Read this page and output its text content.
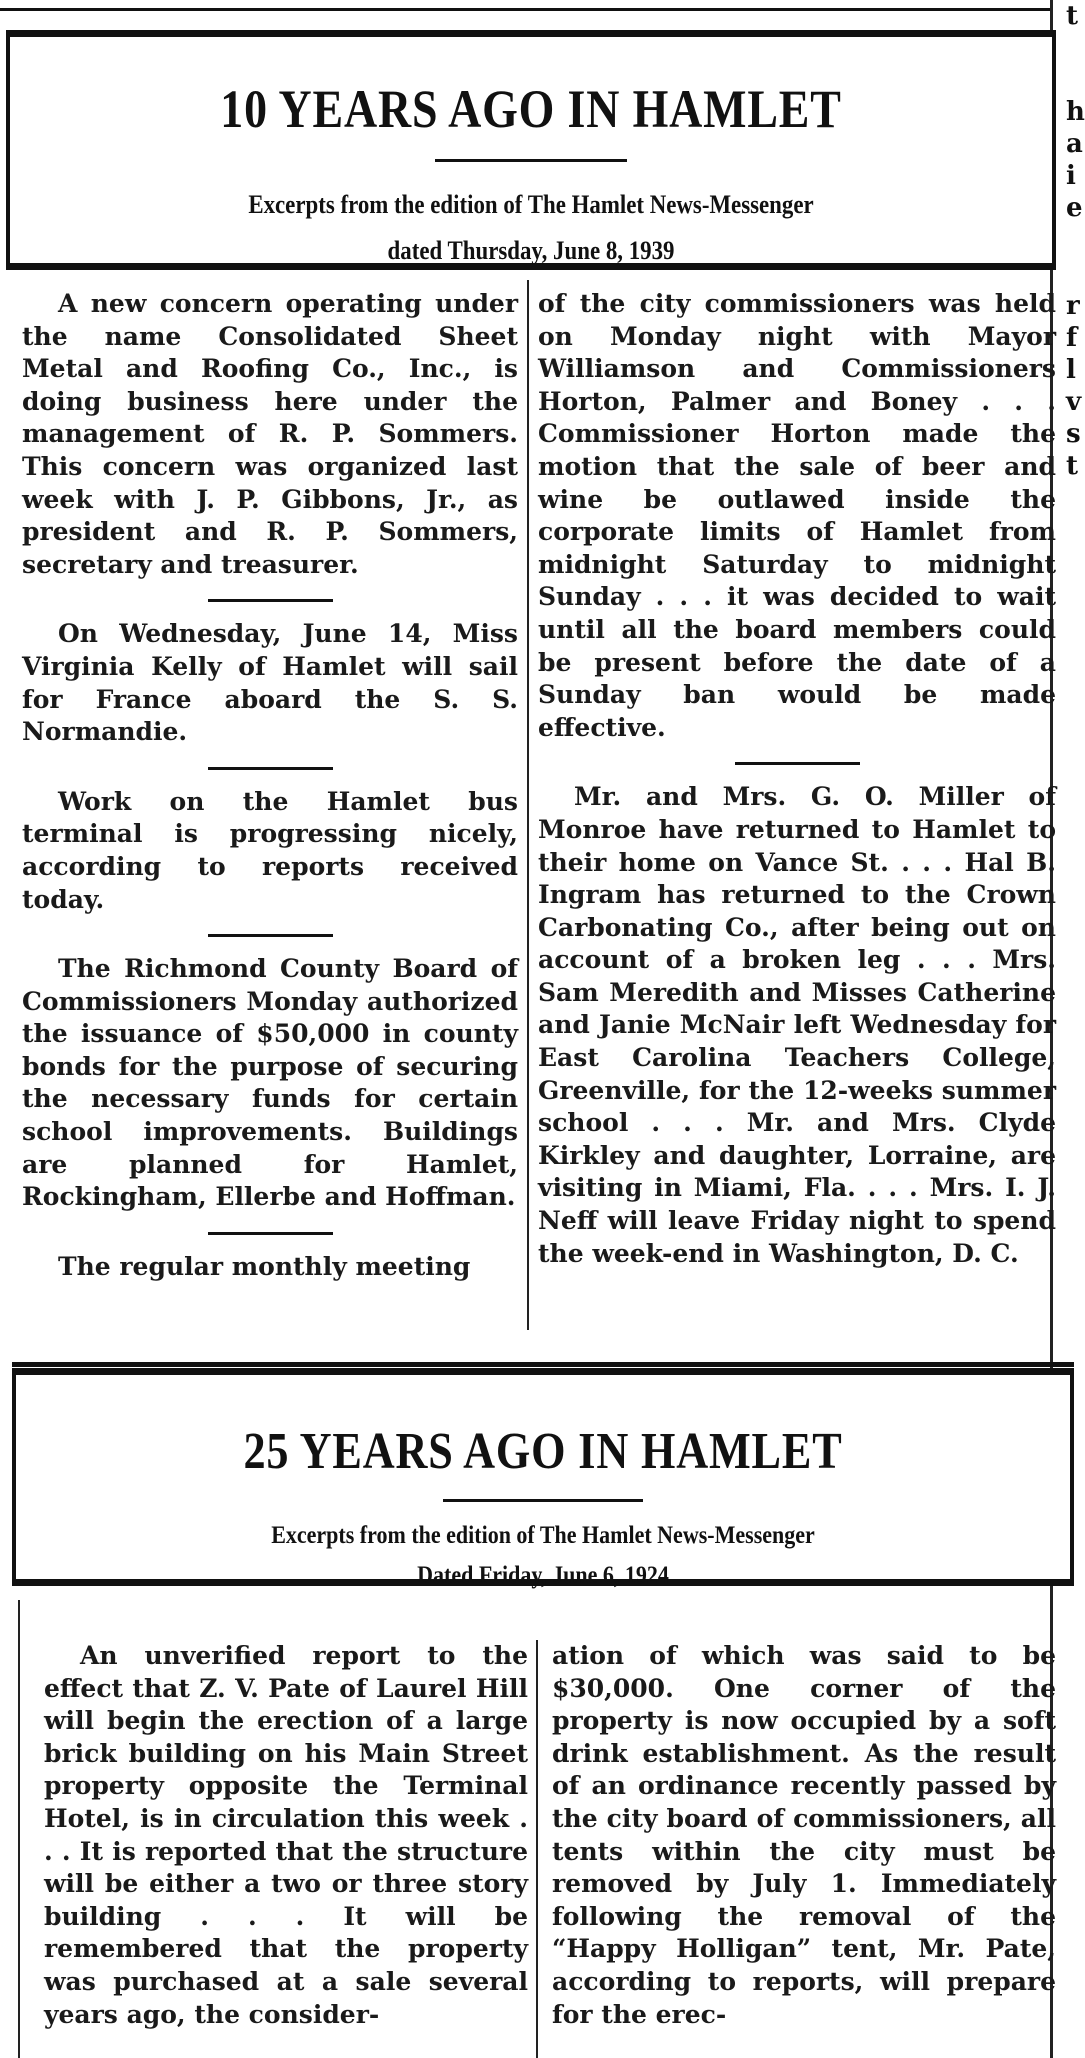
t
h
a
i
e
r
f
l
v
s
t
10 YEARS AGO IN HAMLET
Excerpts from the edition of The Hamlet News-Messenger
dated Thursday, June 8, 1939

A new concern operating under the name Consolidated Sheet Metal and Roofing Co., Inc., is doing business here under the management of R. P. Sommers. This concern was organized last week with J. P. Gibbons, Jr., as president and R. P. Sommers, secretary and treasurer.

On Wednesday, June 14, Miss Virginia Kelly of Hamlet will sail for France aboard the S. S. Normandie.

Work on the Hamlet bus terminal is progressing nicely, according to reports received today.

The Richmond County Board of Commissioners Monday authorized the issuance of $50,000 in county bonds for the purpose of securing the necessary funds for certain school improvements. Buildings are planned for Hamlet, Rockingham, Ellerbe and Hoffman.

The regular monthly meeting

of the city commissioners was held on Monday night with Mayor Williamson and Commissioners Horton, Palmer and Boney . . . Commissioner Horton made the motion that the sale of beer and wine be outlawed inside the corporate limits of Hamlet from midnight Saturday to midnight Sunday . . . it was decided to wait until all the board members could be present before the date of a Sunday ban would be made effective.

Mr. and Mrs. G. O. Miller of Monroe have returned to Hamlet to their home on Vance St. . . . Hal B. Ingram has returned to the Crown Carbonating Co., after being out on account of a broken leg . . . Mrs. Sam Meredith and Misses Catherine and Janie McNair left Wednesday for East Carolina Teachers College, Greenville, for the 12-weeks summer school . . . Mr. and Mrs. Clyde Kirkley and daughter, Lorraine, are visiting in Miami, Fla. . . . Mrs. I. J. Neff will leave Friday night to spend the week-end in Washington, D. C.

25 YEARS AGO IN HAMLET
Excerpts from the edition of The Hamlet News-Messenger
Dated Friday, June 6, 1924

An unverified report to the effect that Z. V. Pate of Laurel Hill will begin the erection of a large brick building on his Main Street property opposite the Terminal Hotel, is in circulation this week . . . It is reported that the structure will be either a two or three story building . . . It will be remembered that the property was purchased at a sale several years ago, the consider-

ation of which was said to be $30,000. One corner of the property is now occupied by a soft drink establishment. As the result of an ordinance recently passed by the city board of commissioners, all tents within the city must be removed by July 1. Immediately following the removal of the “Happy Holligan” tent, Mr. Pate, according to reports, will prepare for the erec-
